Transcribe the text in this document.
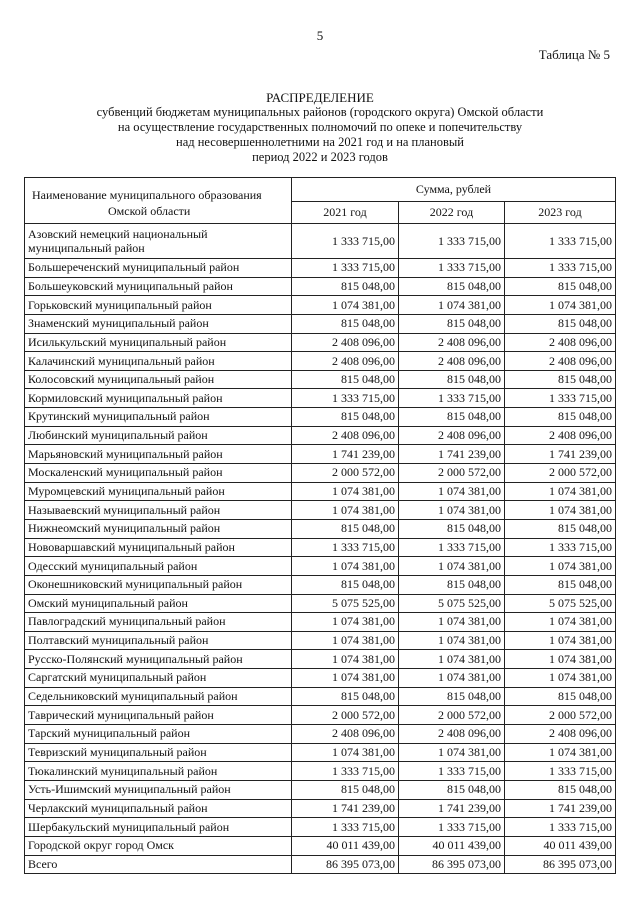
5
Таблица № 5
РАСПРЕДЕЛЕНИЕ
субвенций бюджетам муниципальных районов (городского округа) Омской области
на осуществление государственных полномочий по опеке и попечительству
над несовершеннолетними на 2021 год и на плановый
период 2022 и 2023 годов
Наименование муниципального образования
Омской области	Сумма, рублей		
	2021 год	2022 год	2023 год
Азовский немецкий национальный муниципальный район	1 333 715,00	1 333 715,00	1 333 715,00
Большереченский муниципальный район	1 333 715,00	1 333 715,00	1 333 715,00
Большеуковский муниципальный район	815 048,00	815 048,00	815 048,00
Горьковский муниципальный район	1 074 381,00	1 074 381,00	1 074 381,00
Знаменский муниципальный район	815 048,00	815 048,00	815 048,00
Исилькульский муниципальный район	2 408 096,00	2 408 096,00	2 408 096,00
Калачинский муниципальный район	2 408 096,00	2 408 096,00	2 408 096,00
Колосовский муниципальный район	815 048,00	815 048,00	815 048,00
Кормиловский муниципальный район	1 333 715,00	1 333 715,00	1 333 715,00
Крутинский муниципальный район	815 048,00	815 048,00	815 048,00
Любинский муниципальный район	2 408 096,00	2 408 096,00	2 408 096,00
Марьяновский муниципальный район	1 741 239,00	1 741 239,00	1 741 239,00
Москаленский муниципальный район	2 000 572,00	2 000 572,00	2 000 572,00
Муромцевский муниципальный район	1 074 381,00	1 074 381,00	1 074 381,00
Называевский муниципальный район	1 074 381,00	1 074 381,00	1 074 381,00
Нижнеомский муниципальный район	815 048,00	815 048,00	815 048,00
Нововаршавский муниципальный район	1 333 715,00	1 333 715,00	1 333 715,00
Одесский муниципальный район	1 074 381,00	1 074 381,00	1 074 381,00
Оконешниковский муниципальный район	815 048,00	815 048,00	815 048,00
Омский муниципальный район	5 075 525,00	5 075 525,00	5 075 525,00
Павлоградский муниципальный район	1 074 381,00	1 074 381,00	1 074 381,00
Полтавский муниципальный район	1 074 381,00	1 074 381,00	1 074 381,00
Русско-Полянский муниципальный район	1 074 381,00	1 074 381,00	1 074 381,00
Саргатский муниципальный район	1 074 381,00	1 074 381,00	1 074 381,00
Седельниковский муниципальный район	815 048,00	815 048,00	815 048,00
Таврический муниципальный район	2 000 572,00	2 000 572,00	2 000 572,00
Тарский муниципальный район	2 408 096,00	2 408 096,00	2 408 096,00
Тевризский муниципальный район	1 074 381,00	1 074 381,00	1 074 381,00
Тюкалинский муниципальный район	1 333 715,00	1 333 715,00	1 333 715,00
Усть-Ишимский муниципальный район	815 048,00	815 048,00	815 048,00
Черлакский муниципальный район	1 741 239,00	1 741 239,00	1 741 239,00
Шербакульский муниципальный район	1 333 715,00	1 333 715,00	1 333 715,00
Городской округ город Омск	40 011 439,00	40 011 439,00	40 011 439,00
Всего	86 395 073,00	86 395 073,00	86 395 073,00
